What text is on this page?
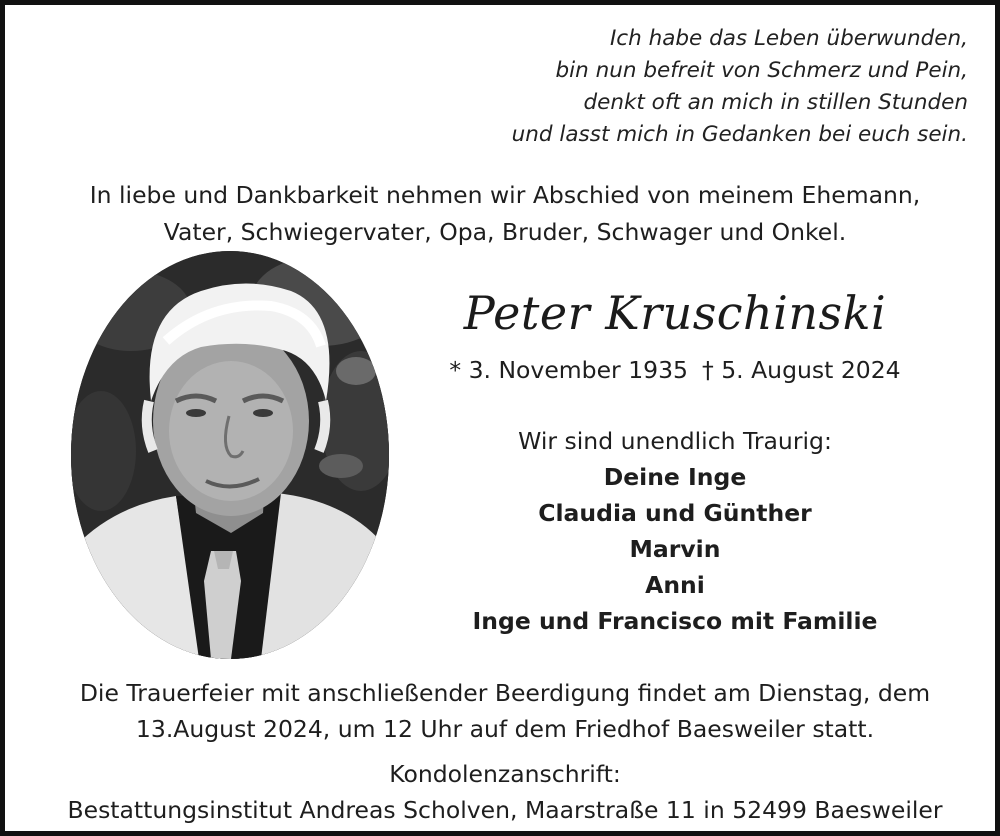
Ich habe das Leben überwunden,
bin nun befreit von Schmerz und Pein,
denkt oft an mich in stillen Stunden
und lasst mich in Gedanken bei euch sein.
In liebe und Dankbarkeit nehmen wir Abschied von meinem Ehemann,
Vater, Schwiegervater, Opa, Bruder, Schwager und Onkel.
Peter Kruschinski
* 3. November 1935 † 5. August 2024
Wir sind unendlich Traurig:
Deine Inge
Claudia und Günther
Marvin
Anni
Inge und Francisco mit Familie
Die Trauerfeier mit anschließender Beerdigung findet am Dienstag, dem
13.August 2024, um 12 Uhr auf dem Friedhof Baesweiler statt.
Kondolenzanschrift:
Bestattungsinstitut Andreas Scholven, Maarstraße 11 in 52499 Baesweiler
